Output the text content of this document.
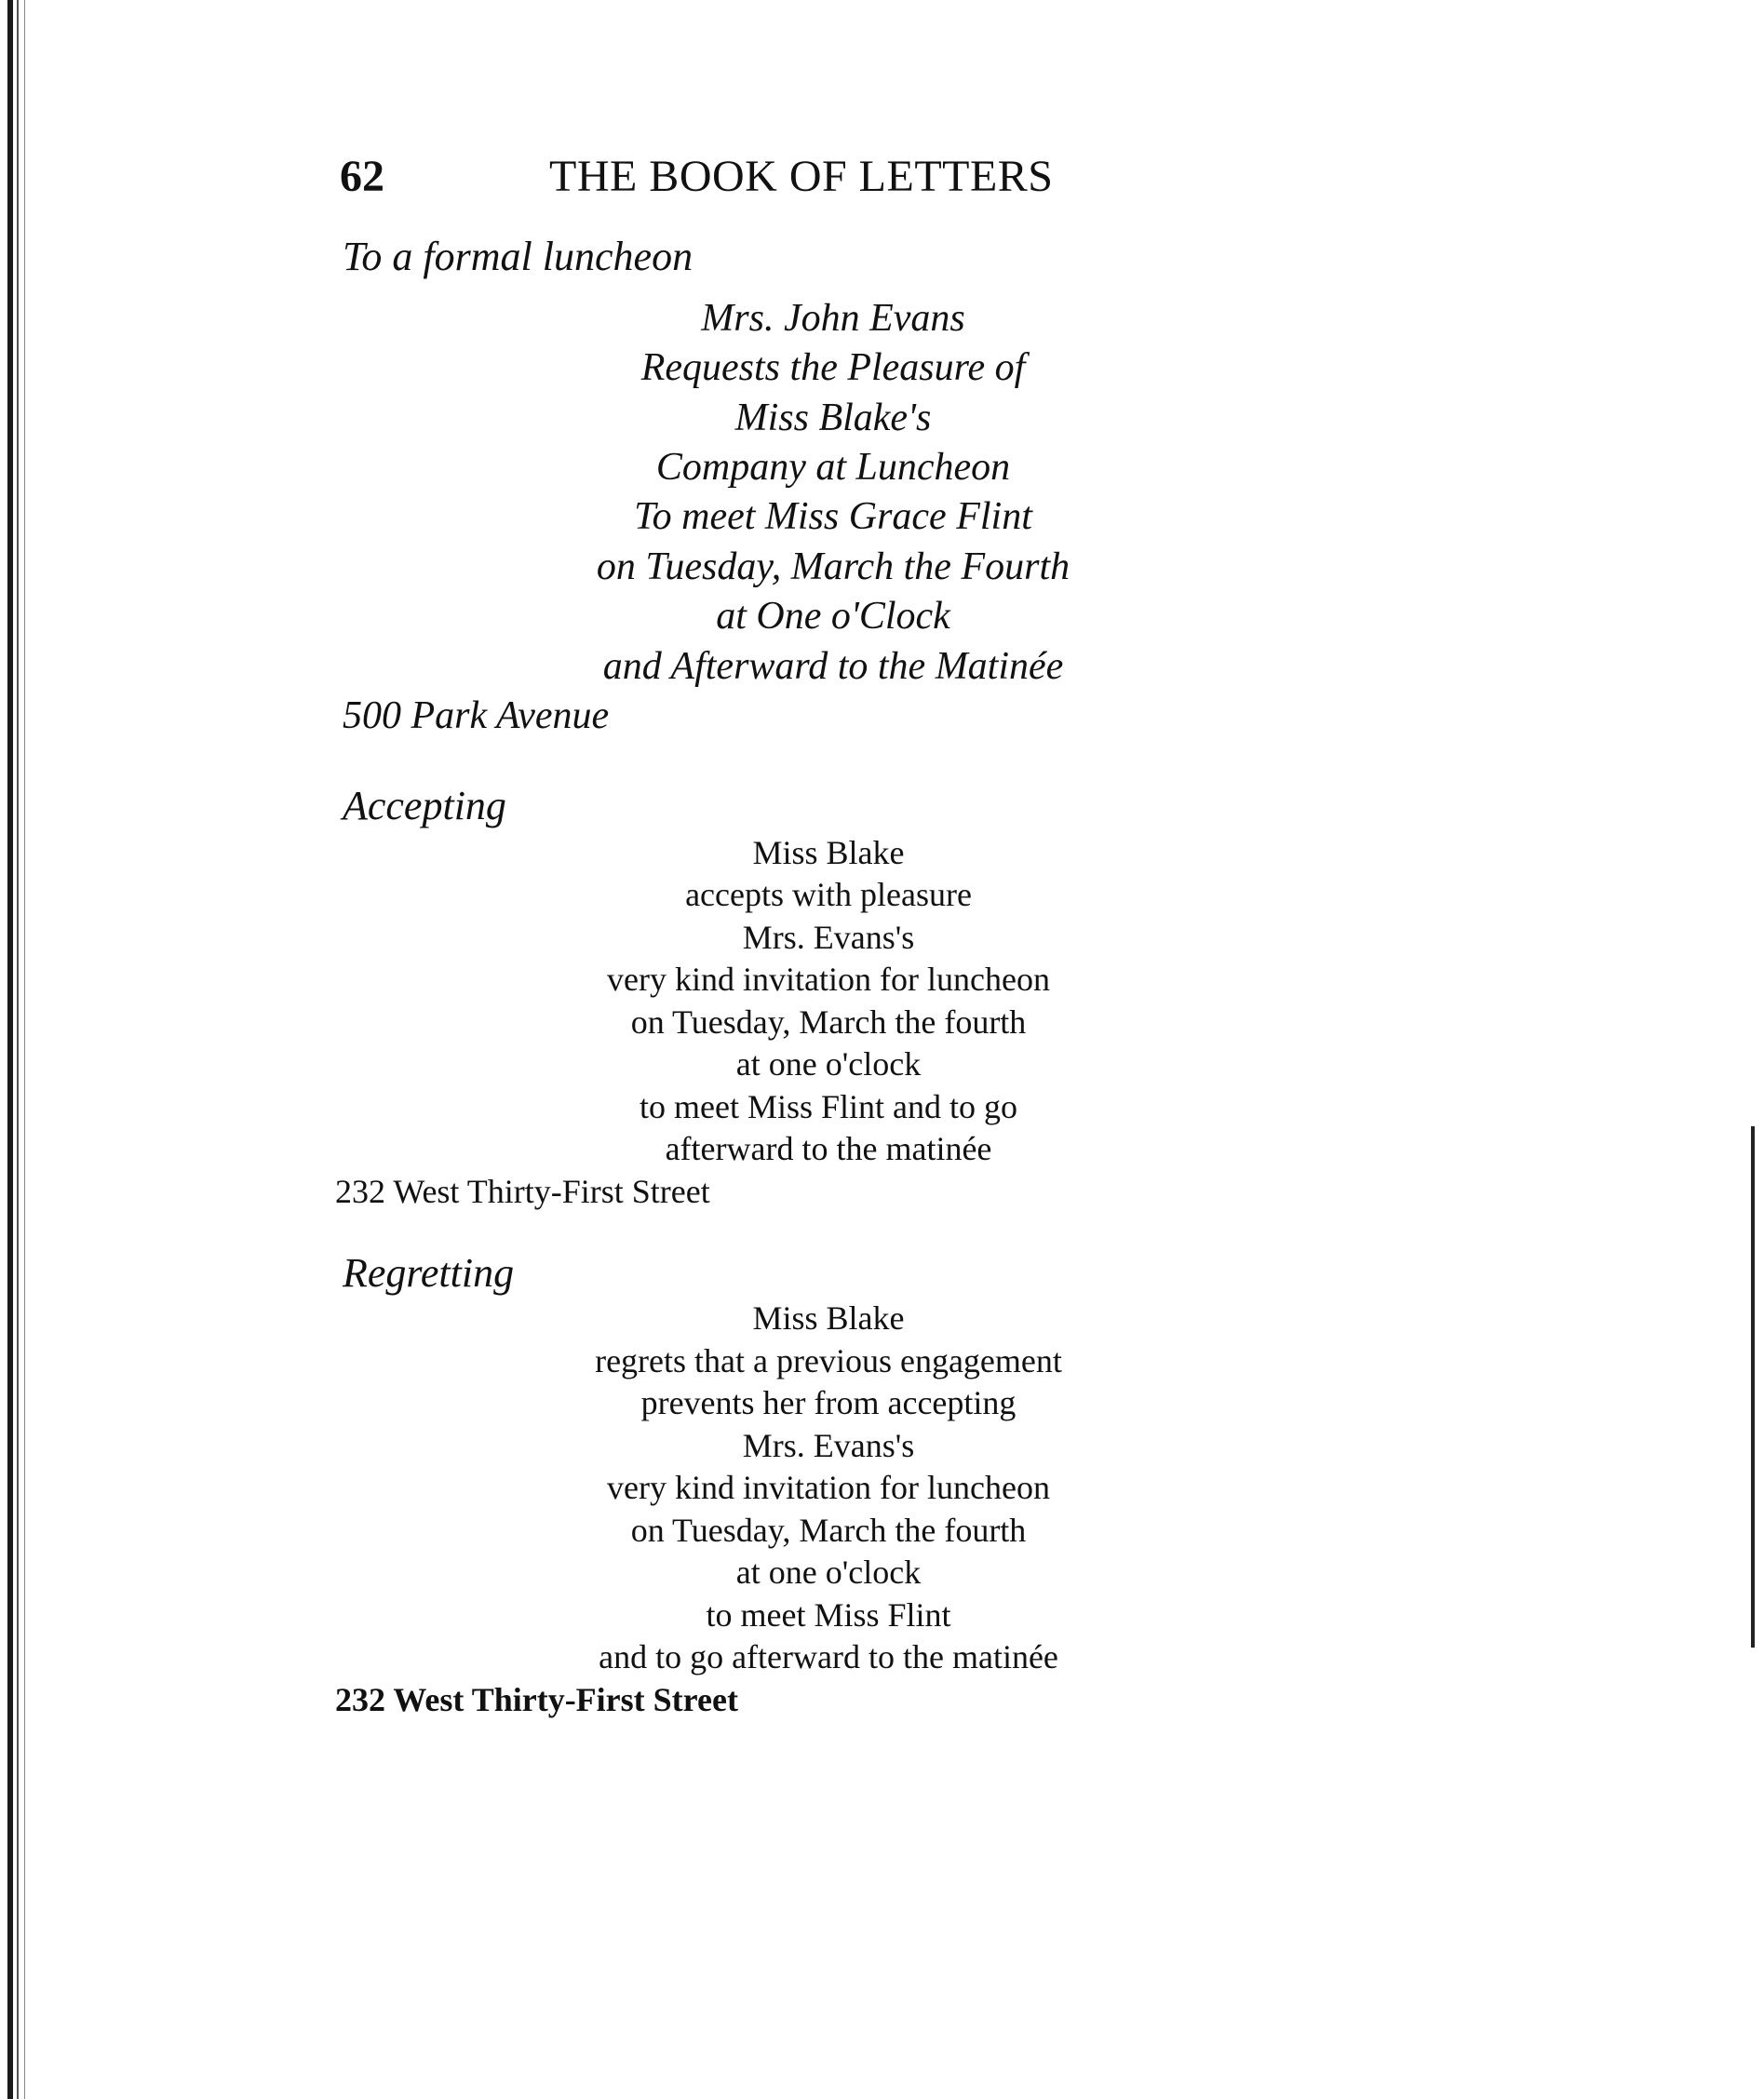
62	THE BOOK OF LETTERS
To a formal luncheon
Mrs. John Evans
Requests the Pleasure of
Miss Blake's
Company at Luncheon
To meet Miss Grace Flint
on Tuesday, March the Fourth
at One o'Clock
and Afterward to the Matinée
500 Park Avenue
Accepting
Miss Blake
accepts with pleasure
Mrs. Evans's
very kind invitation for luncheon
on Tuesday, March the fourth
at one o'clock
to meet Miss Flint and to go
afterward to the matinée
232 West Thirty-First Street
Regretting
Miss Blake
regrets that a previous engagement
prevents her from accepting
Mrs. Evans's
very kind invitation for luncheon
on Tuesday, March the fourth
at one o'clock
to meet Miss Flint
and to go afterward to the matinée
232 West Thirty-First Street
